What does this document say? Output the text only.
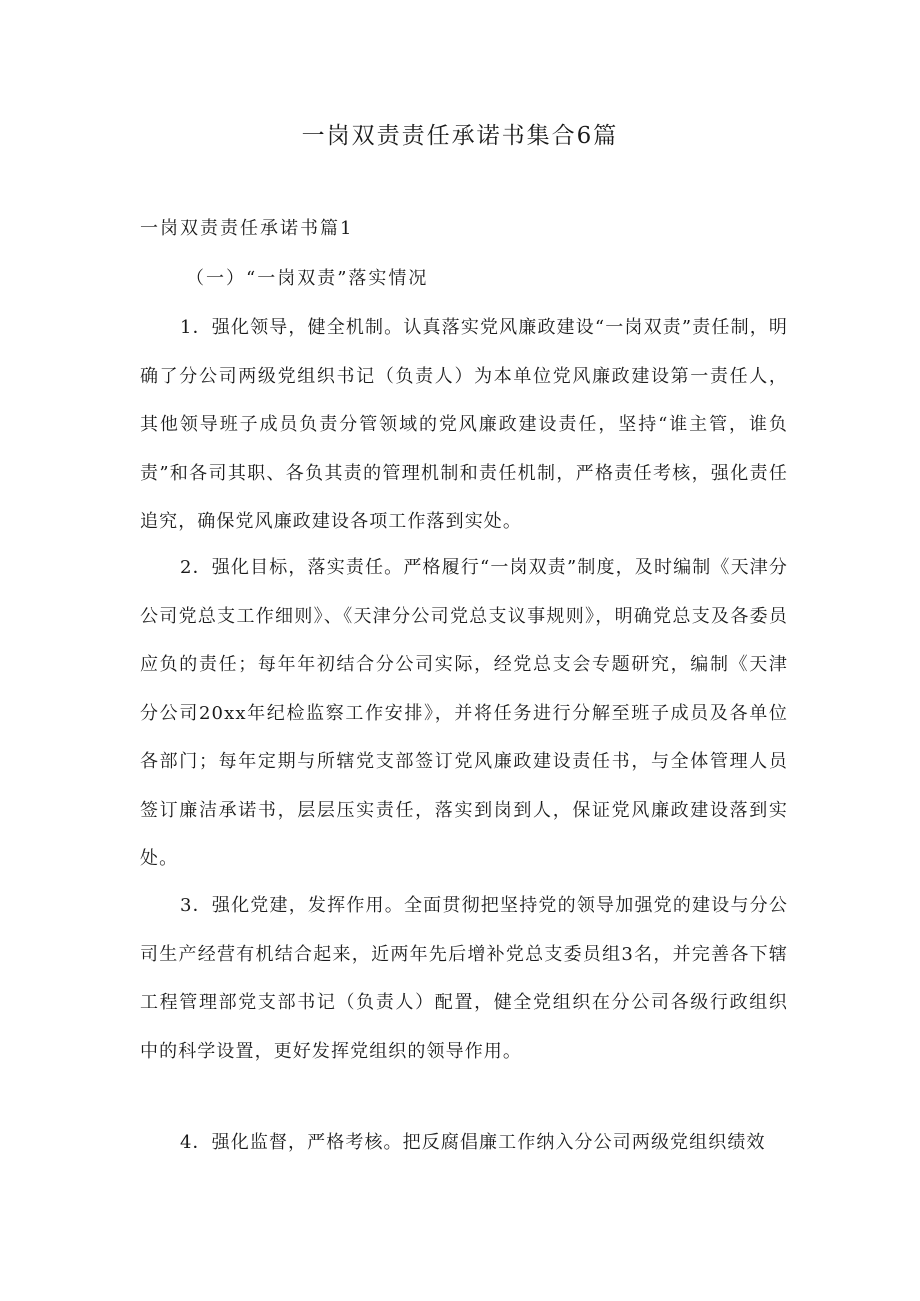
一岗双责责任承诺书集合6篇
一岗双责责任承诺书篇1
（一）“一岗双责”落实情况

1．强化领导，健全机制。认真落实党风廉政建设“一岗双责”责任制，明确了分公司两级党组织书记（负责人）为本单位党风廉政建设第一责任人，其他领导班子成员负责分管领域的党风廉政建设责任，坚持“谁主管，谁负责”和各司其职、各负其责的管理机制和责任机制，严格责任考核，强化责任追究，确保党风廉政建设各项工作落到实处。

2．强化目标，落实责任。严格履行“一岗双责”制度，及时编制《天津分公司党总支工作细则》、《天津分公司党总支议事规则》，明确党总支及各委员应负的责任；每年年初结合分公司实际，经党总支会专题研究，编制《天津分公司20xx年纪检监察工作安排》，并将任务进行分解至班子成员及各单位各部门；每年定期与所辖党支部签订党风廉政建设责任书，与全体管理人员签订廉洁承诺书，层层压实责任，落实到岗到人，保证党风廉政建设落到实处。

3．强化党建，发挥作用。全面贯彻把坚持党的领导加强党的建设与分公司生产经营有机结合起来，近两年先后增补党总支委员组3名，并完善各下辖工程管理部党支部书记（负责人）配置，健全党组织在分公司各级行政组织中的科学设置，更好发挥党组织的领导作用。

4．强化监督，严格考核。把反腐倡廉工作纳入分公司两级党组织绩效
